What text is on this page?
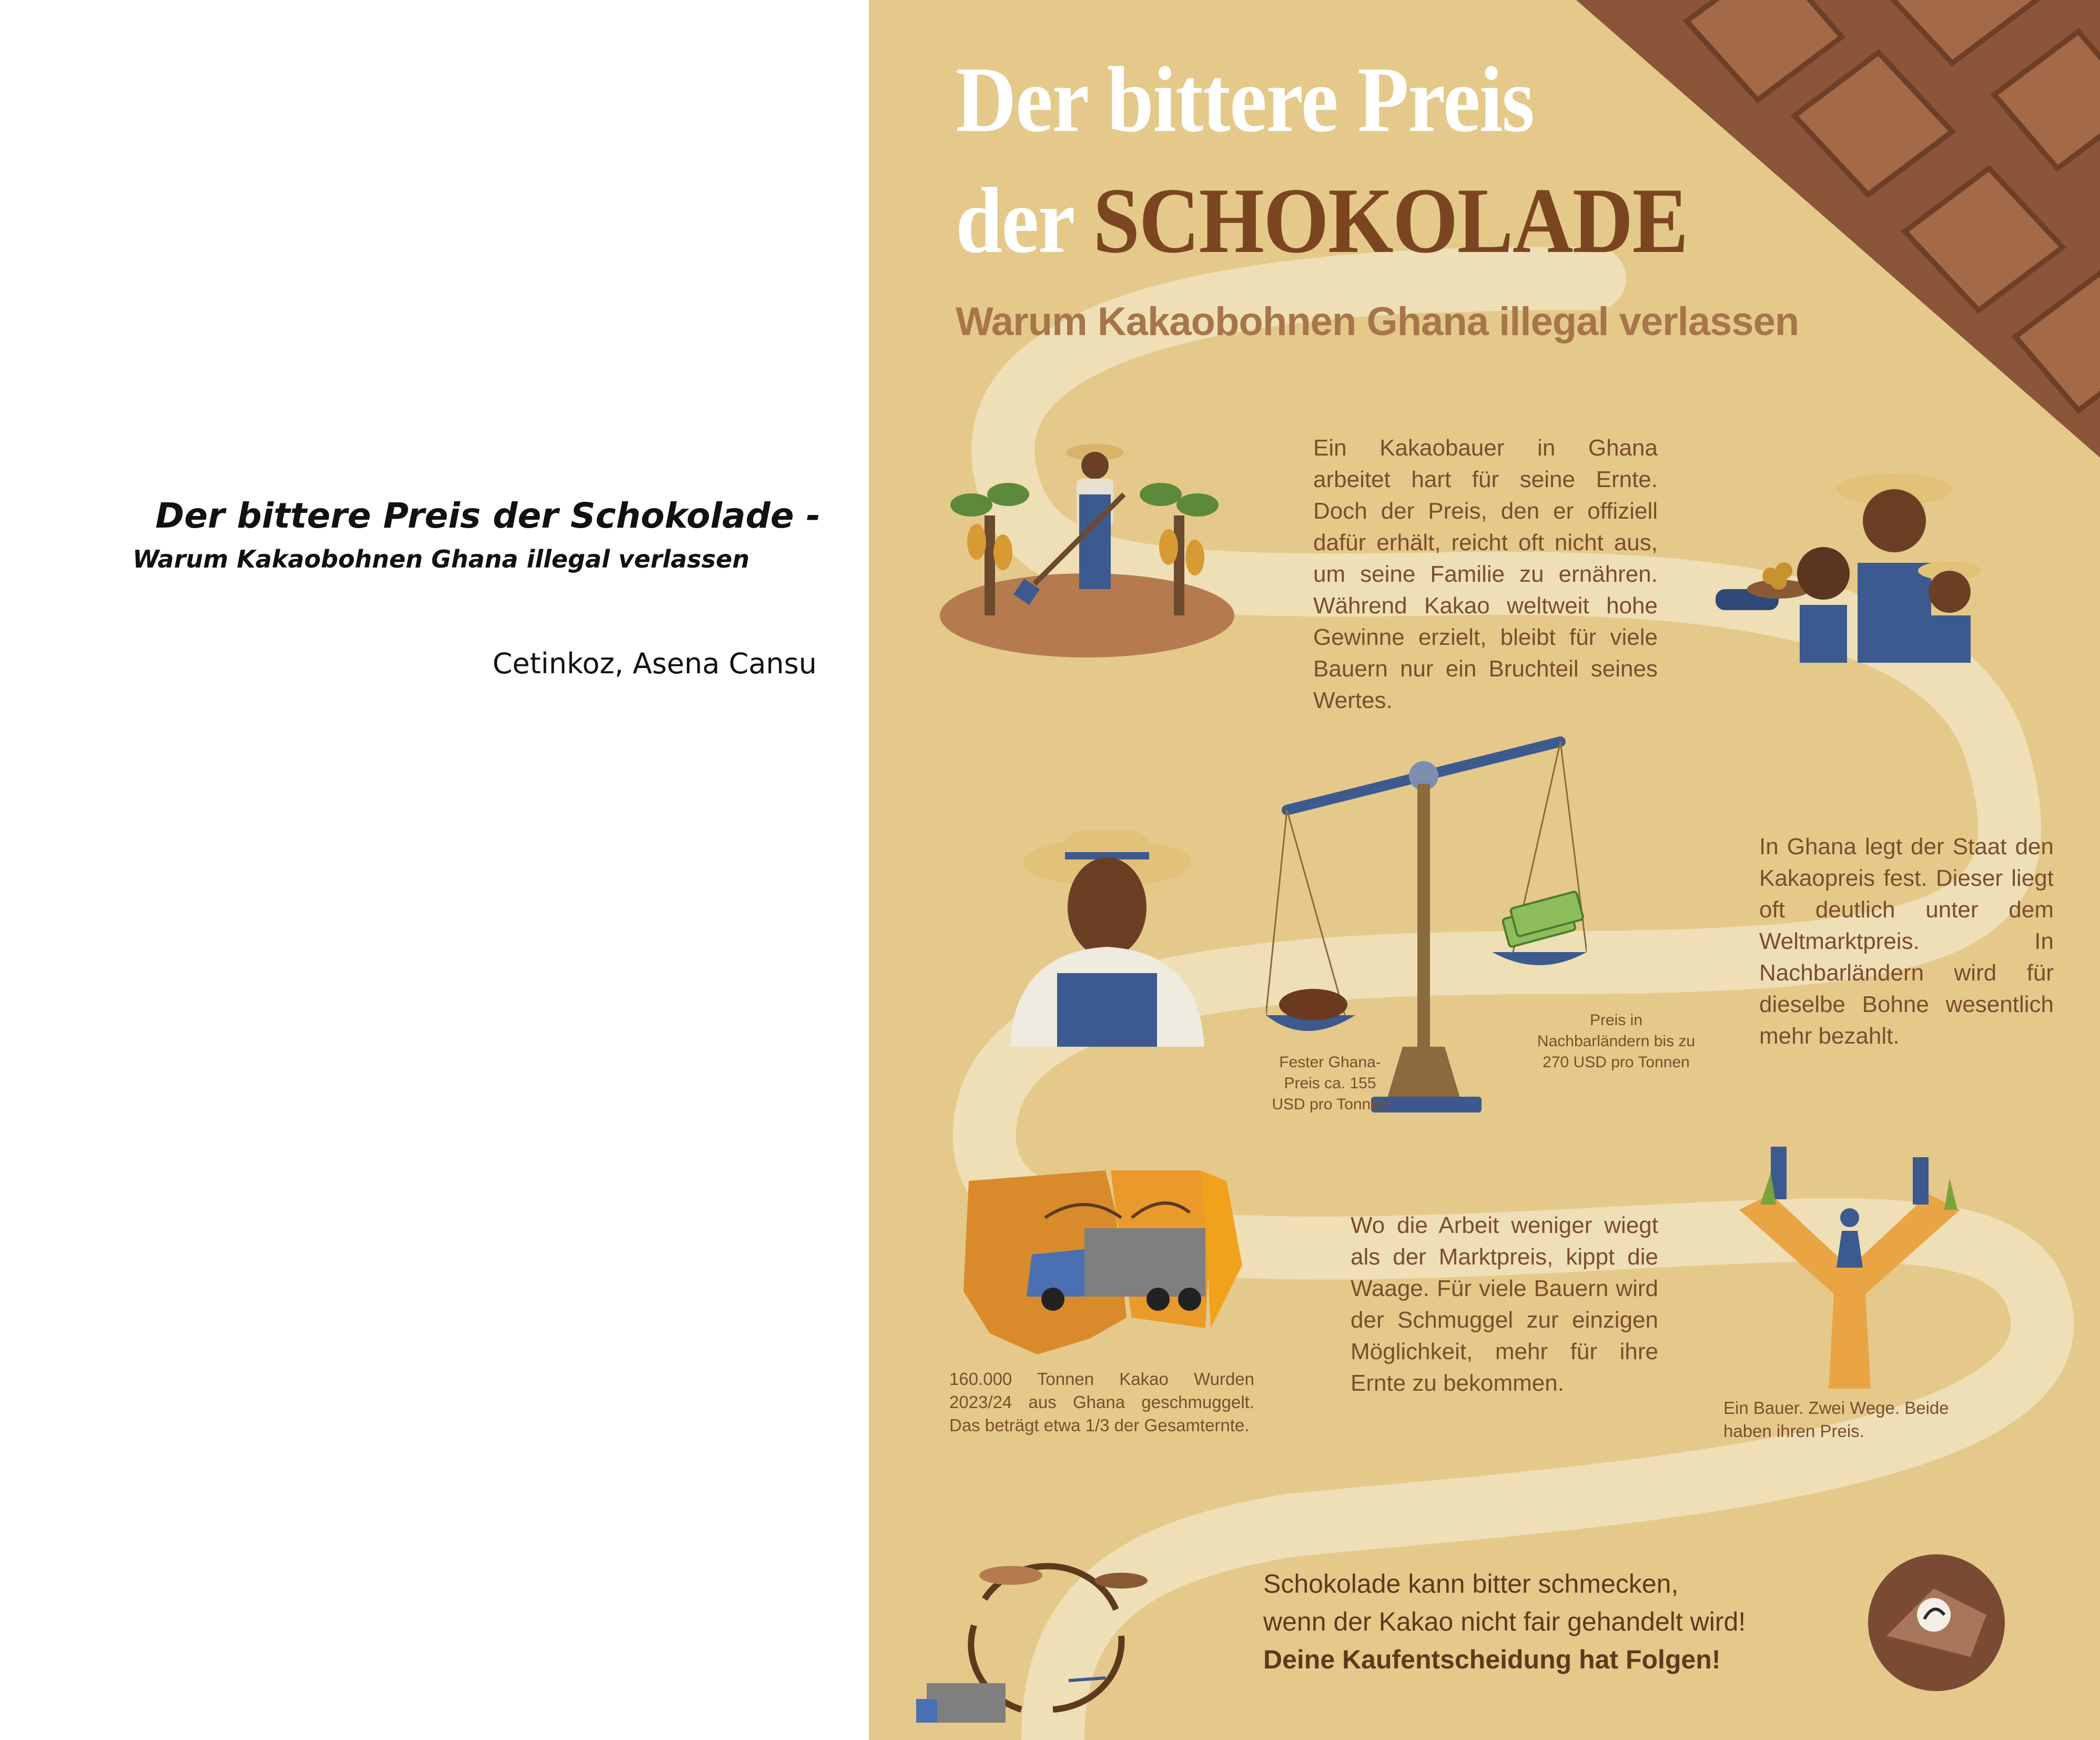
Der bittere Preis der Schokolade -

Warum Kakaobohnen Ghana illegal verlassen

Cetinkoz, Asena Cansu
Der bittere Preis
der SCHOKOLADE
Warum Kakaobohnen Ghana illegal verlassen
Ein Kakaobauer in Ghana arbeitet hart für seine Ernte. Doch der Preis, den er offiziell dafür erhält, reicht oft nicht aus, um seine Familie zu ernähren. Während Kakao weltweit hohe Gewinne erzielt, bleibt für viele Bauern nur ein Bruchteil seines Wertes.
Fester Ghana-Preis ca. 155 USD pro Tonnen
Preis in Nachbarländern bis zu 270 USD pro Tonnen
In Ghana legt der Staat den Kakaopreis fest. Dieser liegt oft deutlich unter dem Weltmarktpreis. In Nachbarländern wird für dieselbe Bohne wesentlich mehr bezahlt.
160.000 Tonnen Kakao Wurden 2023/24 aus Ghana geschmuggelt. Das beträgt etwa 1/3 der Gesamternte.
Wo die Arbeit weniger wiegt als der Marktpreis, kippt die Waage. Für viele Bauern wird der Schmuggel zur einzigen Möglichkeit, mehr für ihre Ernte zu bekommen.
Ein Bauer. Zwei Wege. Beide haben ihren Preis.
Schokolade kann bitter schmecken,
wenn der Kakao nicht fair gehandelt wird!
Deine Kaufentscheidung hat Folgen!
